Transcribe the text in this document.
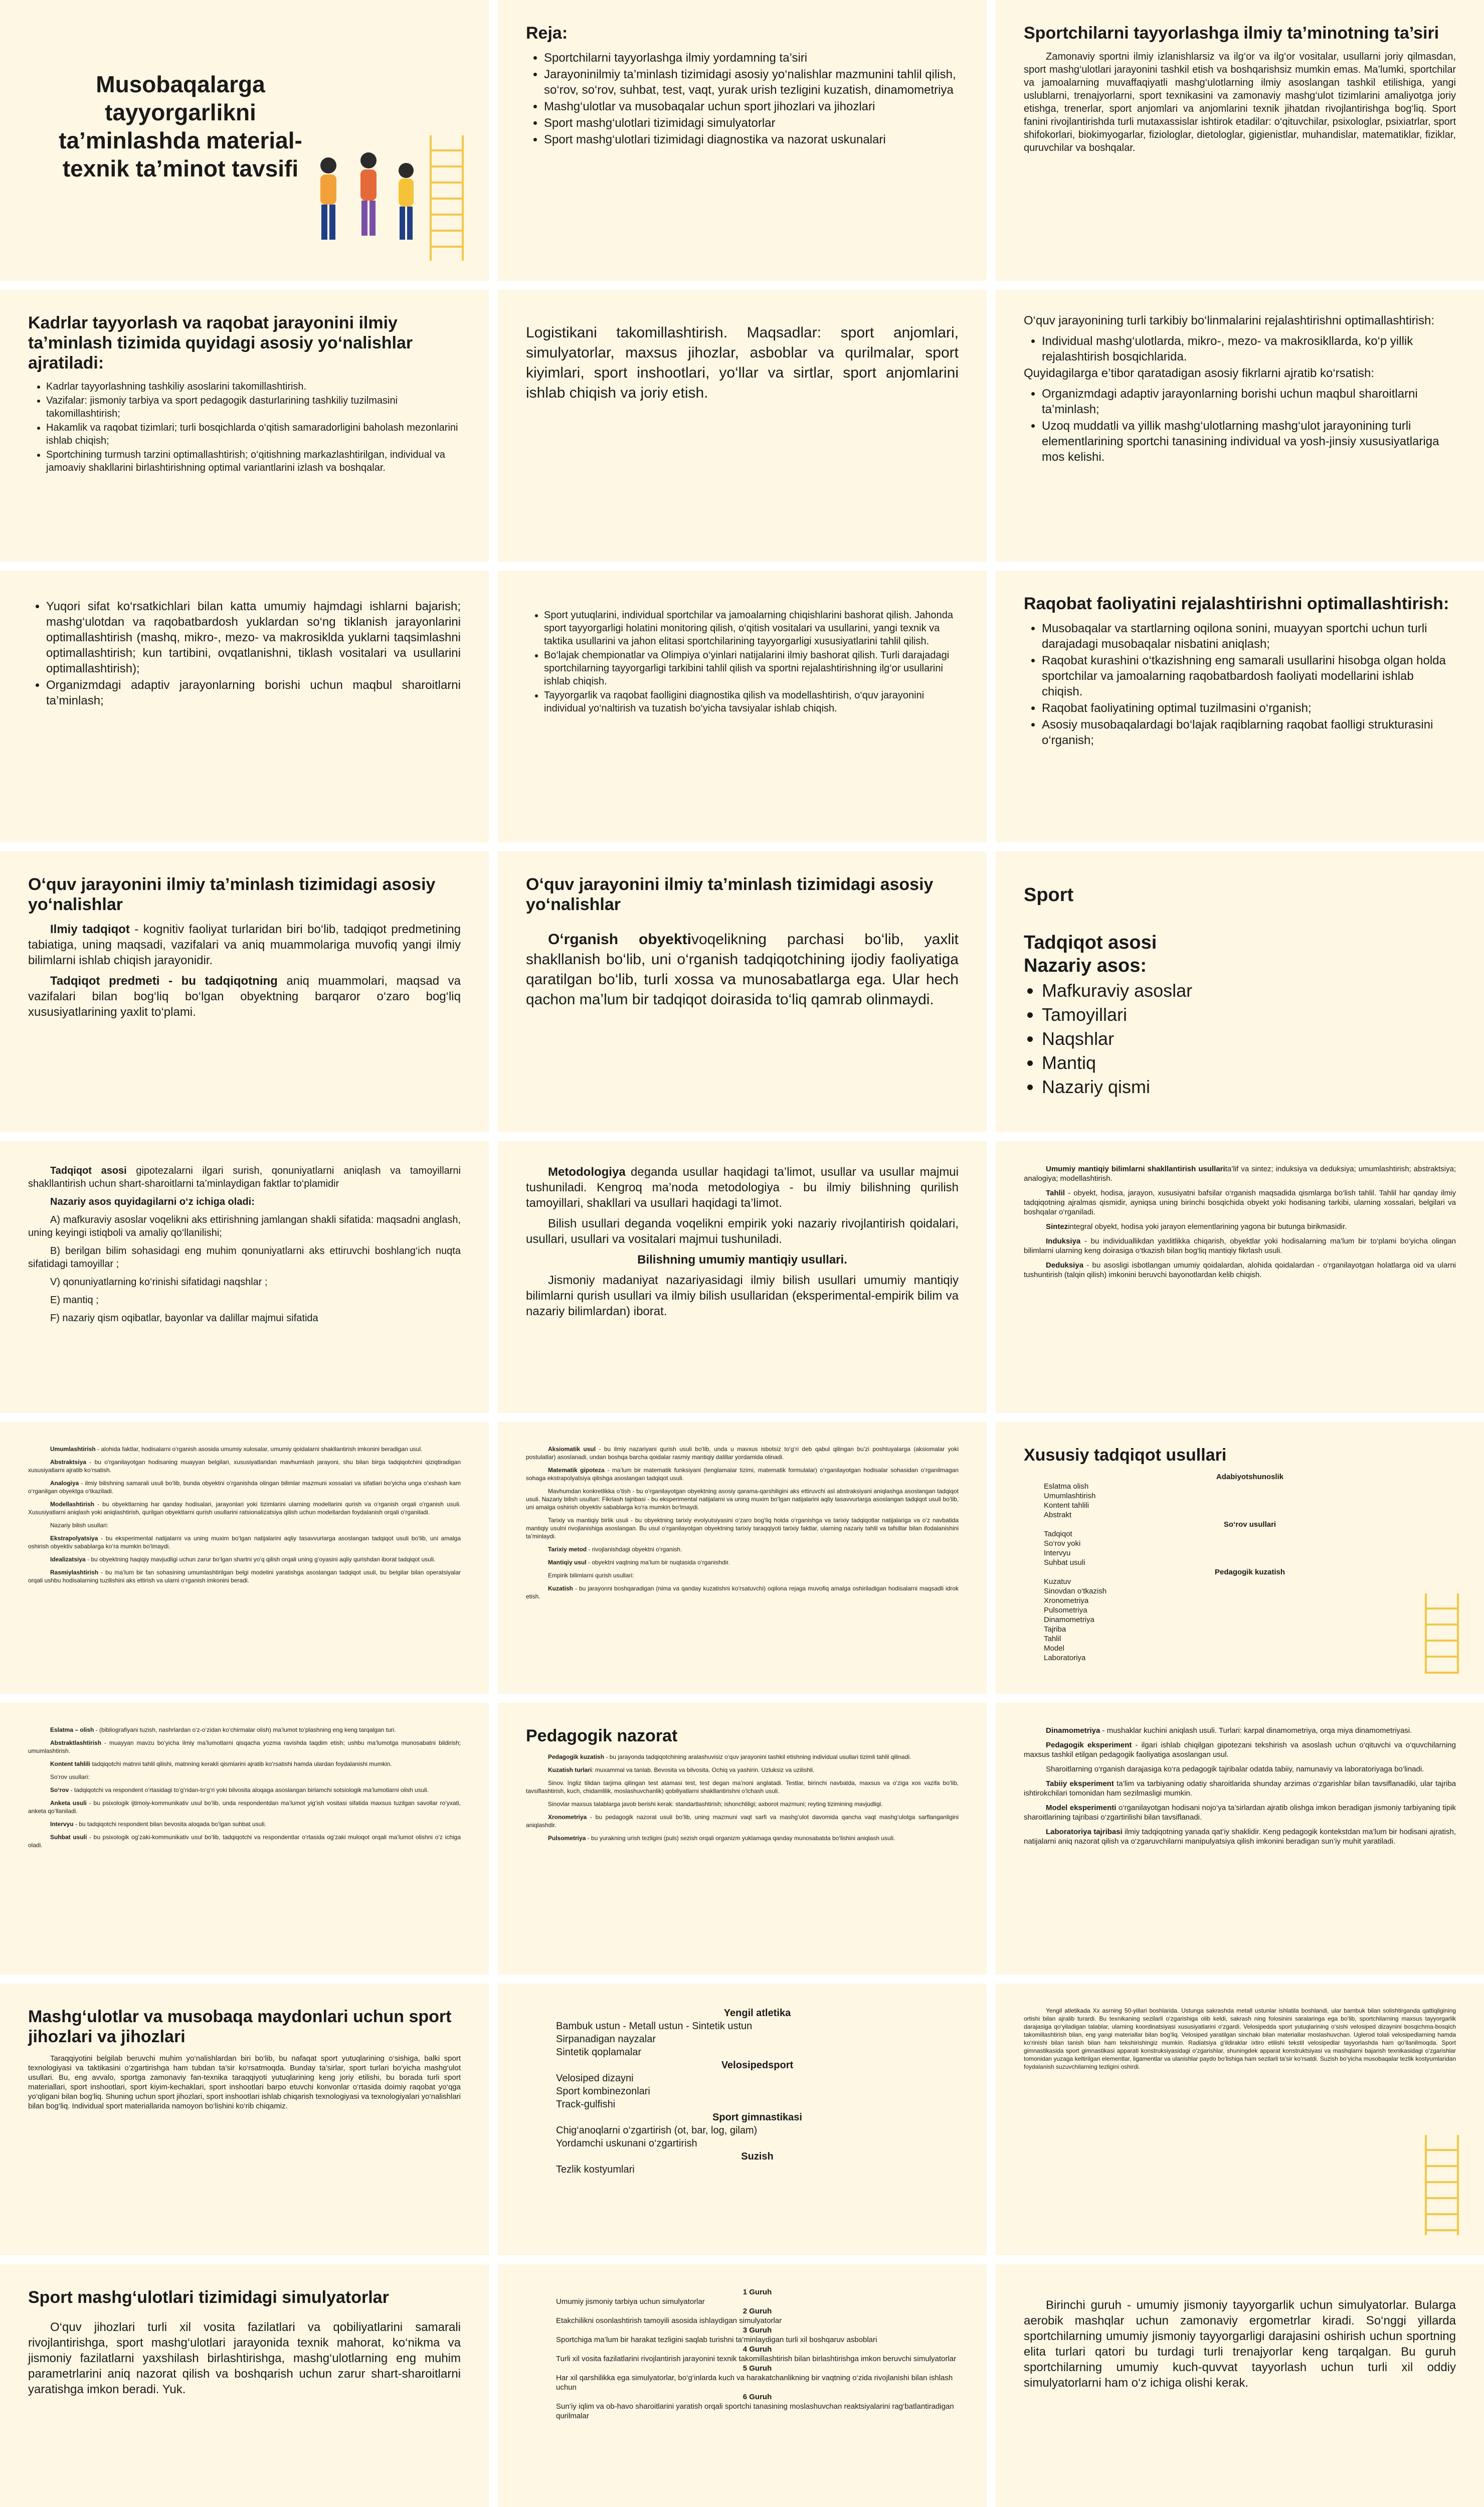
Musobaqalarga tayyorgarlikni ta’minlashda material-texnik ta’minot tavsifi
Reja:
• Sportchilarni tayyorlashga ilmiy yordamning ta’siri
• Jarayoninilmiy ta’minlash tizimidagi asosiy yo‘nalishlar mazmunini tahlil qilish, so‘rov, so‘rov, suhbat, test, vaqt, yurak urish tezligini kuzatish, dinamometriya
• Mashg‘ulotlar va musobaqalar uchun sport jihozlari va jihozlari
• Sport mashg‘ulotlari tizimidagi simulyatorlar
• Sport mashg‘ulotlari tizimidagi diagnostika va nazorat uskunalari
Sportchilarni tayyorlashga ilmiy ta’minotning ta’siri

Zamonaviy sportni ilmiy izlanishlarsiz va ilg‘or va ilg‘or vositalar, usullarni joriy qilmasdan, sport mashg‘ulotlari jarayonini tashkil etish va boshqarishsiz mumkin emas. Ma’lumki, sportchilar va jamoalarning muvaffaqiyatli mashg‘ulotlarning ilmiy asoslangan tashkil etilishiga, yangi uslublarni, trenajyorlarni, sport texnikasini va zamonaviy mashg‘ulot tizimlarini amaliyotga joriy etishga, trenerlar, sport anjomlari va anjomlarini texnik jihatdan rivojlantirishga bog‘liq. Sport fanini rivojlantirishda turli mutaxassislar ishtirok etadilar: o‘qituvchilar, psixologlar, psixiatrlar, sport shifokorlari, biokimyogarlar, fiziologlar, dietologlar, gigienistlar, muhandislar, matematiklar, fiziklar, quruvchilar va boshqalar.

Kadrlar tayyorlash va raqobat jarayonini ilmiy ta’minlash tizimida quyidagi asosiy yo‘nalishlar ajratiladi:
• Kadrlar tayyorlashning tashkiliy asoslarini takomillashtirish.
• Vazifalar: jismoniy tarbiya va sport pedagogik dasturlarining tashkiliy tuzilmasini takomillashtirish;
• Hakamlik va raqobat tizimlari; turli bosqichlarda o‘qitish samaradorligini baholash mezonlarini ishlab chiqish;
• Sportchining turmush tarzini optimallashtirish; o‘qitishning markazlashtirilgan, individual va jamoaviy shakllarini birlashtirishning optimal variantlarini izlash va boshqalar.

Logistikani takomillashtirish. Maqsadlar: sport anjomlari, simulyatorlar, maxsus jihozlar, asboblar va qurilmalar, sport kiyimlari, sport inshootlari, yo‘llar va sirtlar, sport anjomlarini ishlab chiqish va joriy etish.

O‘quv jarayonining turli tarkibiy bo‘linmalarini rejalashtirishni optimallashtirish:

• Individual mashg‘ulotlarda, mikro-, mezo- va makrosikllarda, ko‘p yillik rejalashtirish bosqichlarida.

Quyidagilarga e’tibor qaratadigan asosiy fikrlarni ajratib ko‘rsatish:

• Organizmdagi adaptiv jarayonlarning borishi uchun maqbul sharoitlarni ta’minlash;
• Uzoq muddatli va yillik mashg‘ulotlarning mashg‘ulot jarayonining turli elementlarining sportchi tanasining individual va yosh-jinsiy xususiyatlariga mos kelishi.
• Yuqori sifat ko‘rsatkichlari bilan katta umumiy hajmdagi ishlarni bajarish; mashg‘ulotdan va raqobatbardosh yuklardan so‘ng tiklanish jarayonlarini optimallashtirish (mashq, mikro-, mezo- va makrosiklda yuklarni taqsimlashni optimallashtirish; kun tartibini, ovqatlanishni, tiklash vositalari va usullarini optimallashtirish);
• Organizmdagi adaptiv jarayonlarning borishi uchun maqbul sharoitlarni ta’minlash;
• Sport yutuqlarini, individual sportchilar va jamoalarning chiqishlarini bashorat qilish. Jahonda sport tayyorgarligi holatini monitoring qilish, o‘qitish vositalari va usullarini, yangi texnik va taktika usullarini va jahon elitasi sportchilarining tayyorgarligi xususiyatlarini tahlil qilish.
• Bo‘lajak chempionatlar va Olimpiya o‘yinlari natijalarini ilmiy bashorat qilish. Turli darajadagi sportchilarning tayyorgarligi tarkibini tahlil qilish va sportni rejalashtirishning ilg‘or usullarini ishlab chiqish.
• Tayyorgarlik va raqobat faolligini diagnostika qilish va modellashtirish, o‘quv jarayonini individual yo‘naltirish va tuzatish bo‘yicha tavsiyalar ishlab chiqish.
Raqobat faoliyatini rejalashtirishni optimallashtirish:
• Musobaqalar va startlarning oqilona sonini, muayyan sportchi uchun turli darajadagi musobaqalar nisbatini aniqlash;
• Raqobat kurashini o‘tkazishning eng samarali usullarini hisobga olgan holda sportchilar va jamoalarning raqobatbardosh faoliyati modellarini ishlab chiqish.
• Raqobat faoliyatining optimal tuzilmasini o‘rganish;
• Asosiy musobaqalardagi bo‘lajak raqiblarning raqobat faolligi strukturasini o‘rganish;
O‘quv jarayonini ilmiy ta’minlash tizimidagi asosiy yo‘nalishlar

Ilmiy tadqiqot - kognitiv faoliyat turlaridan biri bo‘lib, tadqiqot predmetining tabiatiga, uning maqsadi, vazifalari va aniq muammolariga muvofiq yangi ilmiy bilimlarni ishlab chiqish jarayonidir.

Tadqiqot predmeti - bu tadqiqotning aniq muammolari, maqsad va vazifalari bilan bog‘liq bo‘lgan obyektning barqaror o‘zaro bog‘liq xususiyatlarining yaxlit to‘plami.

O‘quv jarayonini ilmiy ta’minlash tizimidagi asosiy yo‘nalishlar

O‘rganish obyektivoqelikning parchasi bo‘lib, yaxlit shakllanish bo‘lib, uni o‘rganish tadqiqotchining ijodiy faoliyatiga qaratilgan bo‘lib, turli xossa va munosabatlarga ega. Ular hech qachon ma’lum bir tadqiqot doirasida to‘liq qamrab olinmaydi.

Sport
Tadqiqot asosi
Nazariy asos:
• Mafkuraviy asoslar
• Tamoyillari
• Naqshlar
• Mantiq
• Nazariy qismi

Tadqiqot asosi gipotezalarni ilgari surish, qonuniyatlarni aniqlash va tamoyillarni shakllantirish uchun shart-sharoitlarni ta’minlaydigan faktlar to‘plamidir

Nazariy asos quyidagilarni o‘z ichiga oladi:

A) mafkuraviy asoslar voqelikni aks ettirishning jamlangan shakli sifatida: maqsadni anglash, uning keyingi istiqboli va amaliy qo‘llanilishi;

B) berilgan bilim sohasidagi eng muhim qonuniyatlarni aks ettiruvchi boshlang‘ich nuqta sifatidagi tamoyillar ;

V) qonuniyatlarning ko‘rinishi sifatidagi naqshlar ;

E) mantiq ;

F) nazariy qism oqibatlar, bayonlar va dalillar majmui sifatida

Metodologiya deganda usullar haqidagi ta’limot, usullar va usullar majmui tushuniladi. Kengroq ma’noda metodologiya - bu ilmiy bilishning qurilish tamoyillari, shakllari va usullari haqidagi ta’limot.

Bilish usullari deganda voqelikni empirik yoki nazariy rivojlantirish qoidalari, usullari, usullari va vositalari majmui tushuniladi.

Bilishning umumiy mantiqiy usullari.

Jismoniy madaniyat nazariyasidagi ilmiy bilish usullari umumiy mantiqiy bilimlarni qurish usullari va ilmiy bilish usullaridan (eksperimental-empirik bilim va nazariy bilimlardan) iborat.

Umumiy mantiqiy bilimlarni shakllantirish usullarita’lif va sintez; induksiya va deduksiya; umumlashtirish; abstraktsiya; analogiya; modellashtirish.

Tahlil - obyekt, hodisa, jarayon, xususiyatni bafsilar o‘rganish maqsadida qismlarga bo‘lish tahlil. Tahlil har qanday ilmiy tadqiqotning ajralmas qismidir, ayniqsa uning birinchi bosqichida obyekt yoki hodisaning tarkibi, ularning xossalari, belgilari va boshqalar o‘rganiladi.

Sintezintegral obyekt, hodisa yoki jarayon elementlarining yagona bir butunga birikmasidir.

Induksiya - bu individuallikdan yaxlitlikka chiqarish, obyektlar yoki hodisalarning ma’lum bir to‘plami bo‘yicha olingan bilimlarni ularning keng doirasiga o‘tkazish bilan bog‘liq mantiqiy fikrlash usuli.

Deduksiya - bu asosligi isbotlangan umumiy qoidalardan, alohida qoidalardan - o‘rganilayotgan holatlarga oid va ularni tushuntirish (talqin qilish) imkonini beruvchi bayonotlardan kelib chiqish.

Umumlashtirish - alohida faktlar, hodisalarni o‘rganish asosida umumiy xulosalar, umumiy qoidalarni shakllantirish imkonini beradigan usul.

Abstraktsiya - bu o‘rganilayotgan hodisaning muayyan belgilari, xususiyatlaridan mavhumlash jarayoni, shu bilan birga tadqiqotchini qiziqtiradigan xususiyatlarni ajratib ko‘rsatish.

Analogiya - ilmiy bilishning samarali usuli bo‘lib, bunda obyektni o‘rganishda olingan bilimlar mazmuni xossalari va sifatlari bo‘yicha unga o‘xshash kam o‘rganilgan obyektga o‘tkaziladi.

Modellashtirish - bu obyektlarning har qanday hodisalari, jarayonlari yoki tizimlarini ularning modellarini qurish va o‘rganish orqali o‘rganish usuli. Xususiyatlarni aniqlash yoki aniqlashtirish, qurilgan obyektlarni qurish usullarini ratsionalizatsiya qilish uchun modellardan foydalanish orqali o‘rganiladi.

Nazariy bilish usullari:

Ekstrapolyatsiya - bu eksperimental natijalarni va uning muxim bo‘lgan natijalarini aqliy tasavvurlarga asoslangan tadqiqot usuli bo‘lib, uni amalga oshirish obyektiv sabablarga ko‘ra mumkin bo‘lmaydi.

Idealizatsiya - bu obyektning haqiqiy mavjudligi uchun zarur bo‘lgan shartni yo‘q qilish orqali uning g‘oyasini aqliy qurishdan iborat tadqiqot usuli.

Rasmiylashtirish - bu ma’lum bir fan sohasining umumlashtirilgan belgi modelini yaratishga asoslangan tadqiqot usuli, bu belgilar bilan operatsiyalar orqali ushbu hodisalarning tuzilishini aks ettirish va ularni o‘rganish imkonini beradi.

Aksiomatik usul - bu ilmiy nazariyani qurish usuli bo‘lib, unda u mavxus isbotsiz to‘g‘ri deb qabul qilingan bu’zi poshtuyalarga (aksiomalar yoki postulatlar) asoslanadi, undan boshqa barcha qoidalar rasmiy mantiqiy dalillar yordamida olinadi.

Matematik gipoteza - ma’lum bir matematik funksiyani (tenglamalar tizimi, matematik formulalar) o‘rganilayotgan hodisalar sohasidan o‘rganilmagan sohaga ekstrapolyatsiya qilishga asoslangan tadqiqot usuli.

Mavhumdan konkretlikka o‘tish - bu o‘rganilayotgan obyektning asosiy qarama-qarshiligini aks ettiruvchi asl abstraksiyani aniqlashga asoslangan tadqiqot usuli. Nazariy bilish usullari: Fikrlash tajribasi - bu eksperimental natijalarni va uning muxim bo‘lgan natijalarini aqliy tasavvurlarga asoslangan tadqiqot usuli bo‘lib, uni amalga oshirish obyektiv sabablarga ko‘ra mumkin bo‘lmaydi.

Tarixiy va mantiqiy birlik usuli - bu obyektning tarixiy evolyutsiyasini o‘zaro bog‘liq holda o‘rganishga va tarixiy tadqiqotlar natijalariga va o‘z navbatida mantiqiy usulni rivojlanishiga asoslangan. Bu usul o‘rganilayotgan obyektning tarixiy taraqqiyoti tarixiy faktlar, ularning nazariy tahlil va tafsillar bilan ifodalanishini ta’minlaydi.

Tarixiy metod - rivojlanishdagi obyektni o‘rganish.

Mantiqiy usul - obyektni vaqtning ma’lum bir nuqtasida o‘rganishdir.

Empirik bilimlarni qurish usullari:

Kuzatish - bu jarayonni boshqaradigan (nima va qanday kuzatishni ko‘rsatuvchi) oqilona rejaga muvofiq amalga oshiriladigan hodisalarni maqsadli idrok etish.

Xususiy tadqiqot usullari
Adabiyotshunoslik
Eslatma olish
Umumlashtirish
Kontent tahlili
Abstrakt
So‘rov usullari
Tadqiqot
So‘rov yoki
Intervyu
Suhbat usuli
Pedagogik kuzatish
Kuzatuv
Sinovdan o‘tkazish
Xronometriya
Pulsometriya
Dinamometriya
Tajriba
Tahlil
Model
Laboratoriya

Eslatma – olish - (bibliografiyani tuzish, nashrlardan o‘z-o‘zidan ko‘chirmalar olish) ma’lumot to‘plashning eng keng tarqalgan turi.

Abstraktlashtirish - muayyan mavzu bo‘yicha ilmiy ma’lumotlarni qisqacha yozma ravishda taqdim etish; ushbu ma’lumotga munosabatni bildirish; umumlashtirish.

Kontent tahlili tadqiqotchi matnni tahlil qilishi, matnning kerakli qismlarini ajratib ko‘rsatishi hamda ulardan foydalanishi mumkin.

So‘rov usullari:

So‘rov - tadqiqotchi va respondent o‘rtasidagi to‘g‘ridan-to‘g‘ri yoki bilvosita aloqaga asoslangan birlamchi sotsiologik ma’lumotlarni olish usuli.

Anketa usuli - bu psixologik ijtimoiy-kommunikativ usul bo‘lib, unda respondentdan ma’lumot yig‘ish vositasi sifatida maxsus tuzilgan savollar ro‘yxati, anketa qo‘llaniladi.

Intervyu - bu tadqiqotchi respondent bilan bevosita aloqada bo‘lgan suhbat usuli.

Suhbat usuli - bu psixologik og‘zaki-kommunikativ usul bo‘lib, tadqiqotchi va respondentlar o‘rtasida og‘zaki muloqot orqali ma’lumot olishni o‘z ichiga oladi.

Pedagogik nazorat

Pedagogik kuzatish - bu jarayonda tadqiqotchining aralashuvisiz o‘quv jarayonini tashkil etishning individual usullari tizimli tahlil qilinadi.

Kuzatish turlari: muxammal va tanlab. Bevosita va bilvosita. Ochiq va yashirin. Uzluksiz va uzilishli.

Sinov. Ingliz tilidan tarjima qilingan test atamasi test, test degan ma’noni anglatadi. Testlar, birinchi navbatda, maxsus va o‘ziga xos vazifa bo‘lib, tavsiflashtirish, kuch, chidamlilik, moslashuvchanlik) qobiliyatlarni shakllantirishni o‘lchash usuli.

Sinovlar maxsus talablarga javob berishi kerak: standartlashtirish; ishonchliligi; axborot mazmuni; reyting tizimining mavjudligi.

Xronometriya - bu pedagogik nazorat usuli bo‘lib, uning mazmuni vaqt sarfi va mashg‘ulot davomida qancha vaqt mashg‘ulotga sarflanganligini aniqlashdir.

Pulsometriya - bu yurakning urish tezligini (puls) sezish orqali organizm yuklamaga qanday munosabatda bo‘lishini aniqlash usuli.

Dinamometriya - mushaklar kuchini aniqlash usuli. Turlari: karpal dinamometriya, orqa miya dinamometriyasi.

Pedagogik eksperiment - ilgari ishlab chiqilgan gipotezani tekshirish va asoslash uchun o‘qituvchi va o‘quvchilarning maxsus tashkil etilgan pedagogik faoliyatiga asoslangan usul.

Sharoitlarning o‘rganish darajasiga ko‘ra pedagogik tajribalar odatda tabiiy, namunaviy va laboratoriyaga bo‘linadi.

Tabiiy eksperiment ta’lim va tarbiyaning odatiy sharoitlarida shunday arzimas o‘zgarishlar bilan tavsiflanadiki, ular tajriba ishtirokchilari tomonidan ham sezilmasligi mumkin.

Model eksperimenti o‘rganilayotgan hodisani nojo‘ya ta’sirlardan ajratib olishga imkon beradigan jismoniy tarbiyaning tipik sharoitlarining tajribasi o‘zgartirilishi bilan tavsiflanadi.

Laboratoriya tajribasi ilmiy tadqiqotning yanada qat’iy shaklidir. Keng pedagogik kontekstdan ma’lum bir hodisani ajratish, natijalarni aniq nazorat qilish va o‘zgaruvchilarni manipulyatsiya qilish imkonini beradigan sun’iy muhit yaratiladi.

Mashg‘ulotlar va musobaqa maydonlari uchun sport jihozlari va jihozlari

Taraqqiyotini belgilab beruvchi muhim yo‘nalishlardan biri bo‘lib, bu nafaqat sport yutuqlarining o‘sishiga, balki sport texnologiyasi va taktikasini o‘zgartirishga ham tubdan ta’sir ko‘rsatmoqda. Bunday ta’sirlar, sport turlari bo‘yicha mashg‘ulot usullari. Bu, eng avvalo, sportga zamonaviy fan-texnika taraqqiyoti yutuqlarining keng joriy etilishi, bu borada turli sport materiallari, sport inshootlari, sport kiyim-kechaklari, sport inshootlari barpo etuvchi konvonlar o‘rtasida doimiy raqobat yo‘qga yo‘qligani bilan bog‘liq. Shuning uchun sport jihozlari, sport inshootlari ishlab chiqarish texnologiyasi va texnologiyalari yo‘nalishlari bilan bog‘liq. Individual sport materiallarida namoyon bo‘lishini ko‘rib chiqamiz.

Yengil atletika
Bambuk ustun - Metall ustun - Sintetik ustun
Sirpanadigan nayzalar
Sintetik qoplamalar
Velosipedsport
Velosiped dizayni
Sport kombinezonlari
Track-gulfishi
Sport gimnastikasi
Chig‘anoqlarni o‘zgartirish (ot, bar, log, gilam)
Yordamchi uskunani o‘zgartirish
Suzish
Tezlik kostyumlari

Yengil atletikada Xx asrning 50-yillari boshlarida. Ustunga sakrashda metall ustunlar ishlatila boshlandi, ular bambuk bilan solishtirganda qattiqligining ortishi bilan ajralib turardi. Bu texnikaning sezilarli o‘zgarishiga olib keldi, sakrash ning folosinini saralaringa ega bo‘lib, sportchilarning maxsus tayyorgarlik darajasiga qo‘yiladigan talablar, ularning koordinatsiyasi xususiyatlarini o‘zgardi. Velosipedda sport yutuqlarining o‘sishi velosiped dizaynini bosqichma-bosqich takomillashtirish bilan, eng yangi materiallar bilan bog‘liq. Velosiped yaratilgan sinchaki bilan materiallar moslashuvchan. Uglerod tolali velosipedlarning hamda ko‘rinishi bilan tanish bilan ham tekshirishingiz mumkin. Radiatsiya g‘ildiraklar ixtiro etilishi tekstil velosipedlar tayyorlashda ham qo‘llanilmoqda. Sport gimnastikasida sport gimnastikasi apparati konstruksiyasidagi o‘zgarishlar, shuningdek apparat konstruktsiyasi va mashqlarni bajarish texnikasidagi o‘zgarishlar tomonidan yuzaga keltirilgan elementlar, ligamentlar va ulanishlar paydo bo‘lishiga ham sezilarli ta’sir ko‘rsatdi. Suzish bo‘yicha musobaqalar tezlik kostyumlaridan foydalanish suzuvchilarning tezligini oshirdi.

Sport mashg‘ulotlari tizimidagi simulyatorlar

O‘quv jihozlari turli xil vosita fazilatlari va qobiliyatlarini samarali rivojlantirishga, sport mashg‘ulotlari jarayonida texnik mahorat, ko‘nikma va jismoniy fazilatlarni yaxshilash birlashtirishga, mashg‘ulotlarning eng muhim parametrlarini aniq nazorat qilish va boshqarish uchun zarur shart-sharoitlarni yaratishga imkon beradi. Yuk.

1 Guruh
Umumiy jismoniy tarbiya uchun simulyatorlar
2 Guruh
Etakchilikni osonlashtirish tamoyili asosida ishlaydigan simulyatorlar
3 Guruh
Sportchiga ma’lum bir harakat tezligini saqlab turishni ta’minlaydigan turli xil boshqaruv asboblari
4 Guruh
Turli xil vosita fazilatlarini rivojlantirish jarayonini texnik takomillashtirish bilan birlashtirishga imkon beruvchi simulyatorlar
5 Guruh
Har xil qarshilikka ega simulyatorlar, bo‘g‘inlarda kuch va harakatchanlikning bir vaqtning o‘zida rivojlanishi bilan ishlash uchun
6 Guruh
Sun’iy iqlim va ob-havo sharoitlarini yaratish orqali sportchi tanasining moslashuvchan reaktsiyalarini rag‘batlantiradigan qurilmalar

Birinchi guruh - umumiy jismoniy tayyorgarlik uchun simulyatorlar. Bularga aerobik mashqlar uchun zamonaviy ergometrlar kiradi. So‘nggi yillarda sportchilarning umumiy jismoniy tayyorgarligi darajasini oshirish uchun sportning elita turlari qatori bu turdagi turli trenajyorlar keng tarqalgan. Bu guruh sportchilarning umumiy kuch-quvvat tayyorlash uchun turli xil oddiy simulyatorlarni ham o‘z ichiga olishi kerak.
